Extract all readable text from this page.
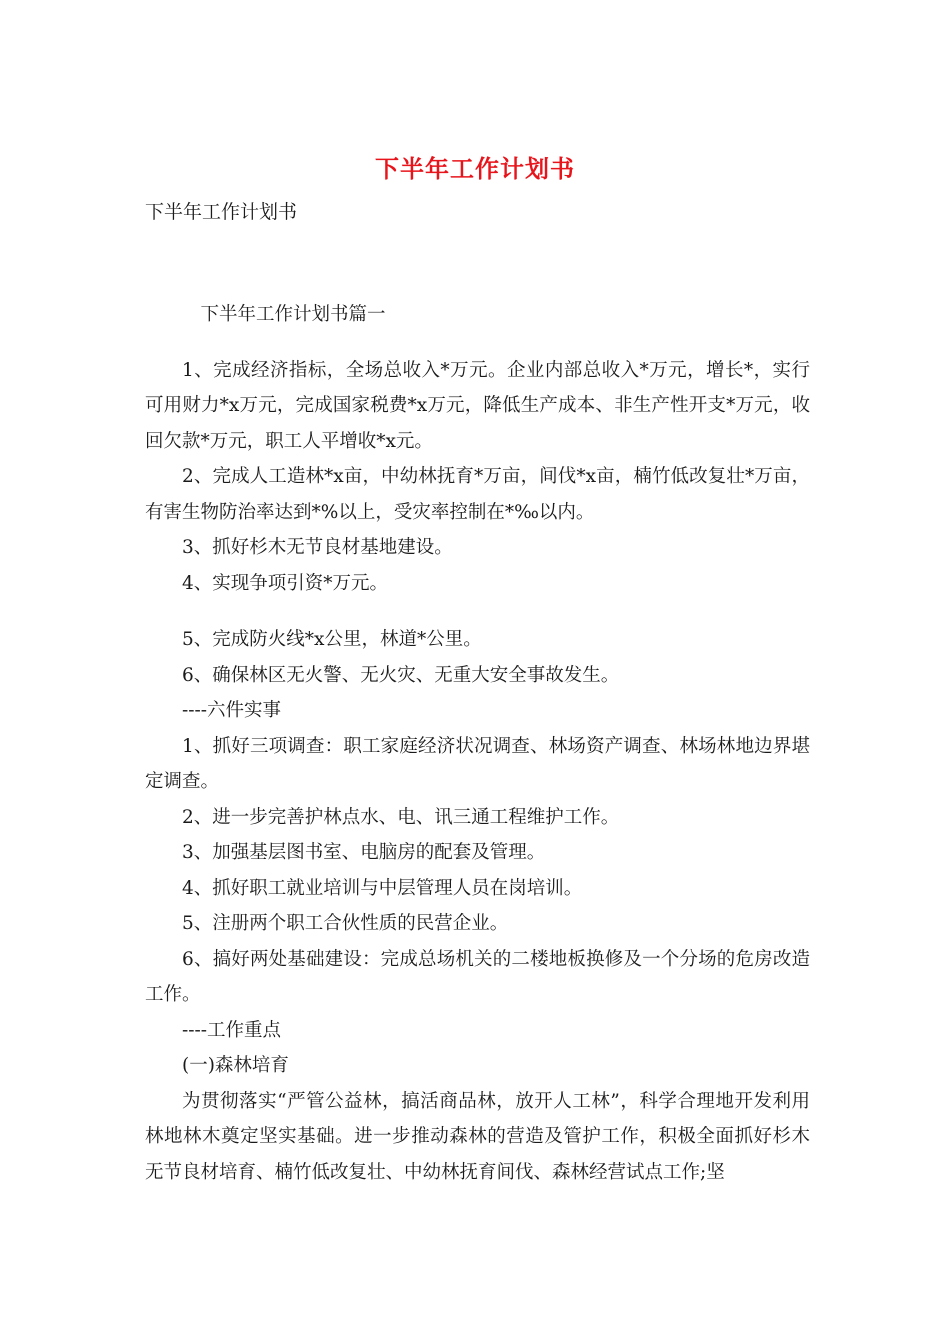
下半年工作计划书
下半年工作计划书

下半年工作计划书篇一

1、完成经济指标，全场总收入*万元。企业内部总收入*万元，增长*，实行可用财力*x万元，完成国家税费*x万元，降低生产成本、非生产性开支*万元，收回欠款*万元，职工人平增收*x元。

2、完成人工造林*x亩，中幼林抚育*万亩，间伐*x亩，楠竹低改复壮*万亩，有害生物防治率达到*%以上，受灾率控制在*‰以内。

3、抓好杉木无节良材基地建设。

4、实现争项引资*万元。

5、完成防火线*x公里，林道*公里。

6、确保林区无火警、无火灾、无重大安全事故发生。

----六件实事

1、抓好三项调查：职工家庭经济状况调查、林场资产调查、林场林地边界堪定调查。

2、进一步完善护林点水、电、讯三通工程维护工作。

3、加强基层图书室、电脑房的配套及管理。

4、抓好职工就业培训与中层管理人员在岗培训。

5、注册两个职工合伙性质的民营企业。

6、搞好两处基础建设：完成总场机关的二楼地板换修及一个分场的危房改造工作。

----工作重点

(一)森林培育

为贯彻落实“严管公益林，搞活商品林，放开人工林”，科学合理地开发利用林地林木奠定坚实基础。进一步推动森林的营造及管护工作，积极全面抓好杉木无节良材培育、楠竹低改复壮、中幼林抚育间伐、森林经营试点工作;坚
